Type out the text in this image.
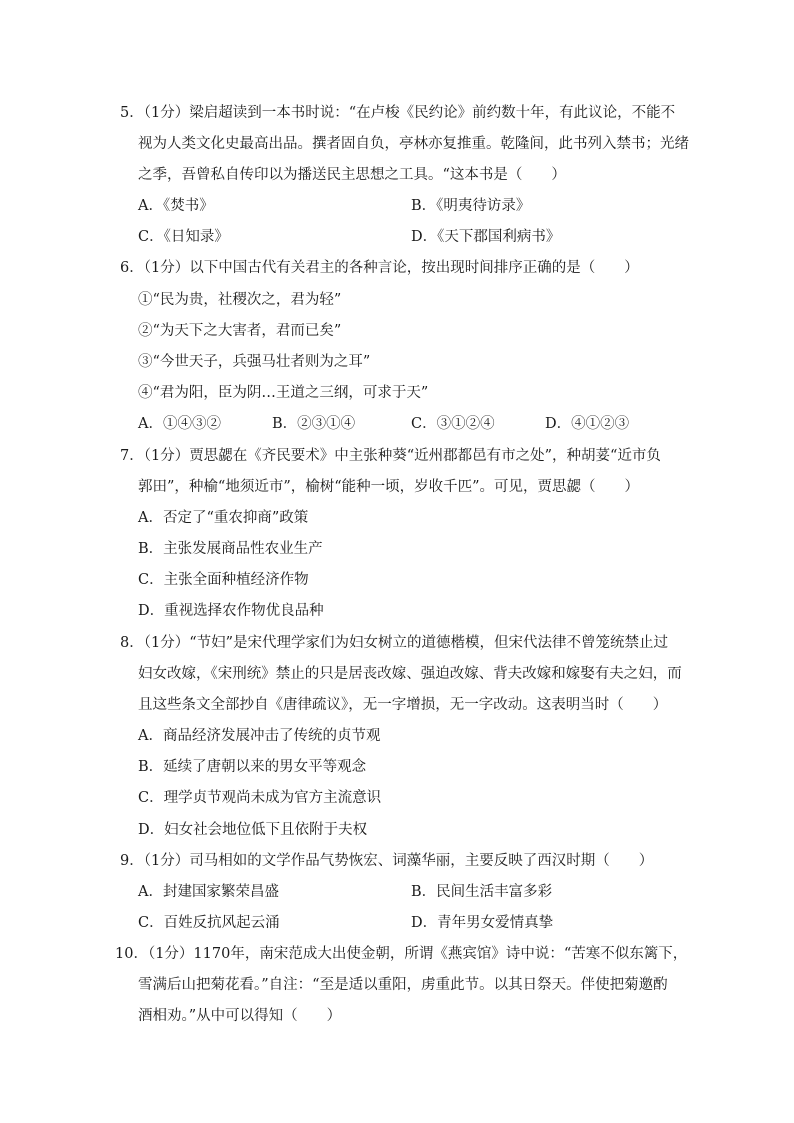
5．（1分）梁启超读到一本书时说：“在卢梭《民约论》前约数十年，有此议论，不能不
视为人类文化史最高出品。撰者固自负，亭林亦复推重。乾隆间，此书列入禁书；光绪
之季，吾曾私自传印以为播送民主思想之工具。“这本书是（　　）
A．《焚书》	B．《明夷待访录》
C．《日知录》	D．《天下郡国利病书》
6．（1分）以下中国古代有关君主的各种言论，按出现时间排序正确的是（　　）
①“民为贵，社稷次之，君为轻”
②“为天下之大害者，君而已矣”
③“今世天子，兵强马壮者则为之耳”
④“君为阳，臣为阴…王道之三纲，可求于天”
A．①④③②	B．②③①④	C．③①②④	D．④①②③
7．（1分）贾思勰在《齐民要术》中主张种葵“近州郡都邑有市之处”，种胡荽“近市负
郭田”，种榆“地须近市”，榆树“能种一顷，岁收千匹”。可见，贾思勰（　　）
A．否定了“重农抑商”政策
B．主张发展商品性农业生产
C．主张全面种植经济作物
D．重视选择农作物优良品种
8．（1分）“节妇”是宋代理学家们为妇女树立的道德楷模，但宋代法律不曾笼统禁止过
妇女改嫁，《宋刑统》禁止的只是居丧改嫁、强迫改嫁、背夫改嫁和嫁娶有夫之妇，而
且这些条文全部抄自《唐律疏议》，无一字增损，无一字改动。这表明当时（　　）
A．商品经济发展冲击了传统的贞节观
B．延续了唐朝以来的男女平等观念
C．理学贞节观尚未成为官方主流意识
D．妇女社会地位低下且依附于夫权
9．（1分）司马相如的文学作品气势恢宏、词藻华丽，主要反映了西汉时期（　　）
A．封建国家繁荣昌盛	B．民间生活丰富多彩
C．百姓反抗风起云涌	D．青年男女爱情真挚
10．（1分）1170年，南宋范成大出使金朝，所谓《燕宾馆》诗中说：“苦寒不似东篱下，
雪满后山把菊花看。”自注：“至是适以重阳，虏重此节。以其日祭天。伴使把菊邀酌
酒相劝。”从中可以得知（　　）
